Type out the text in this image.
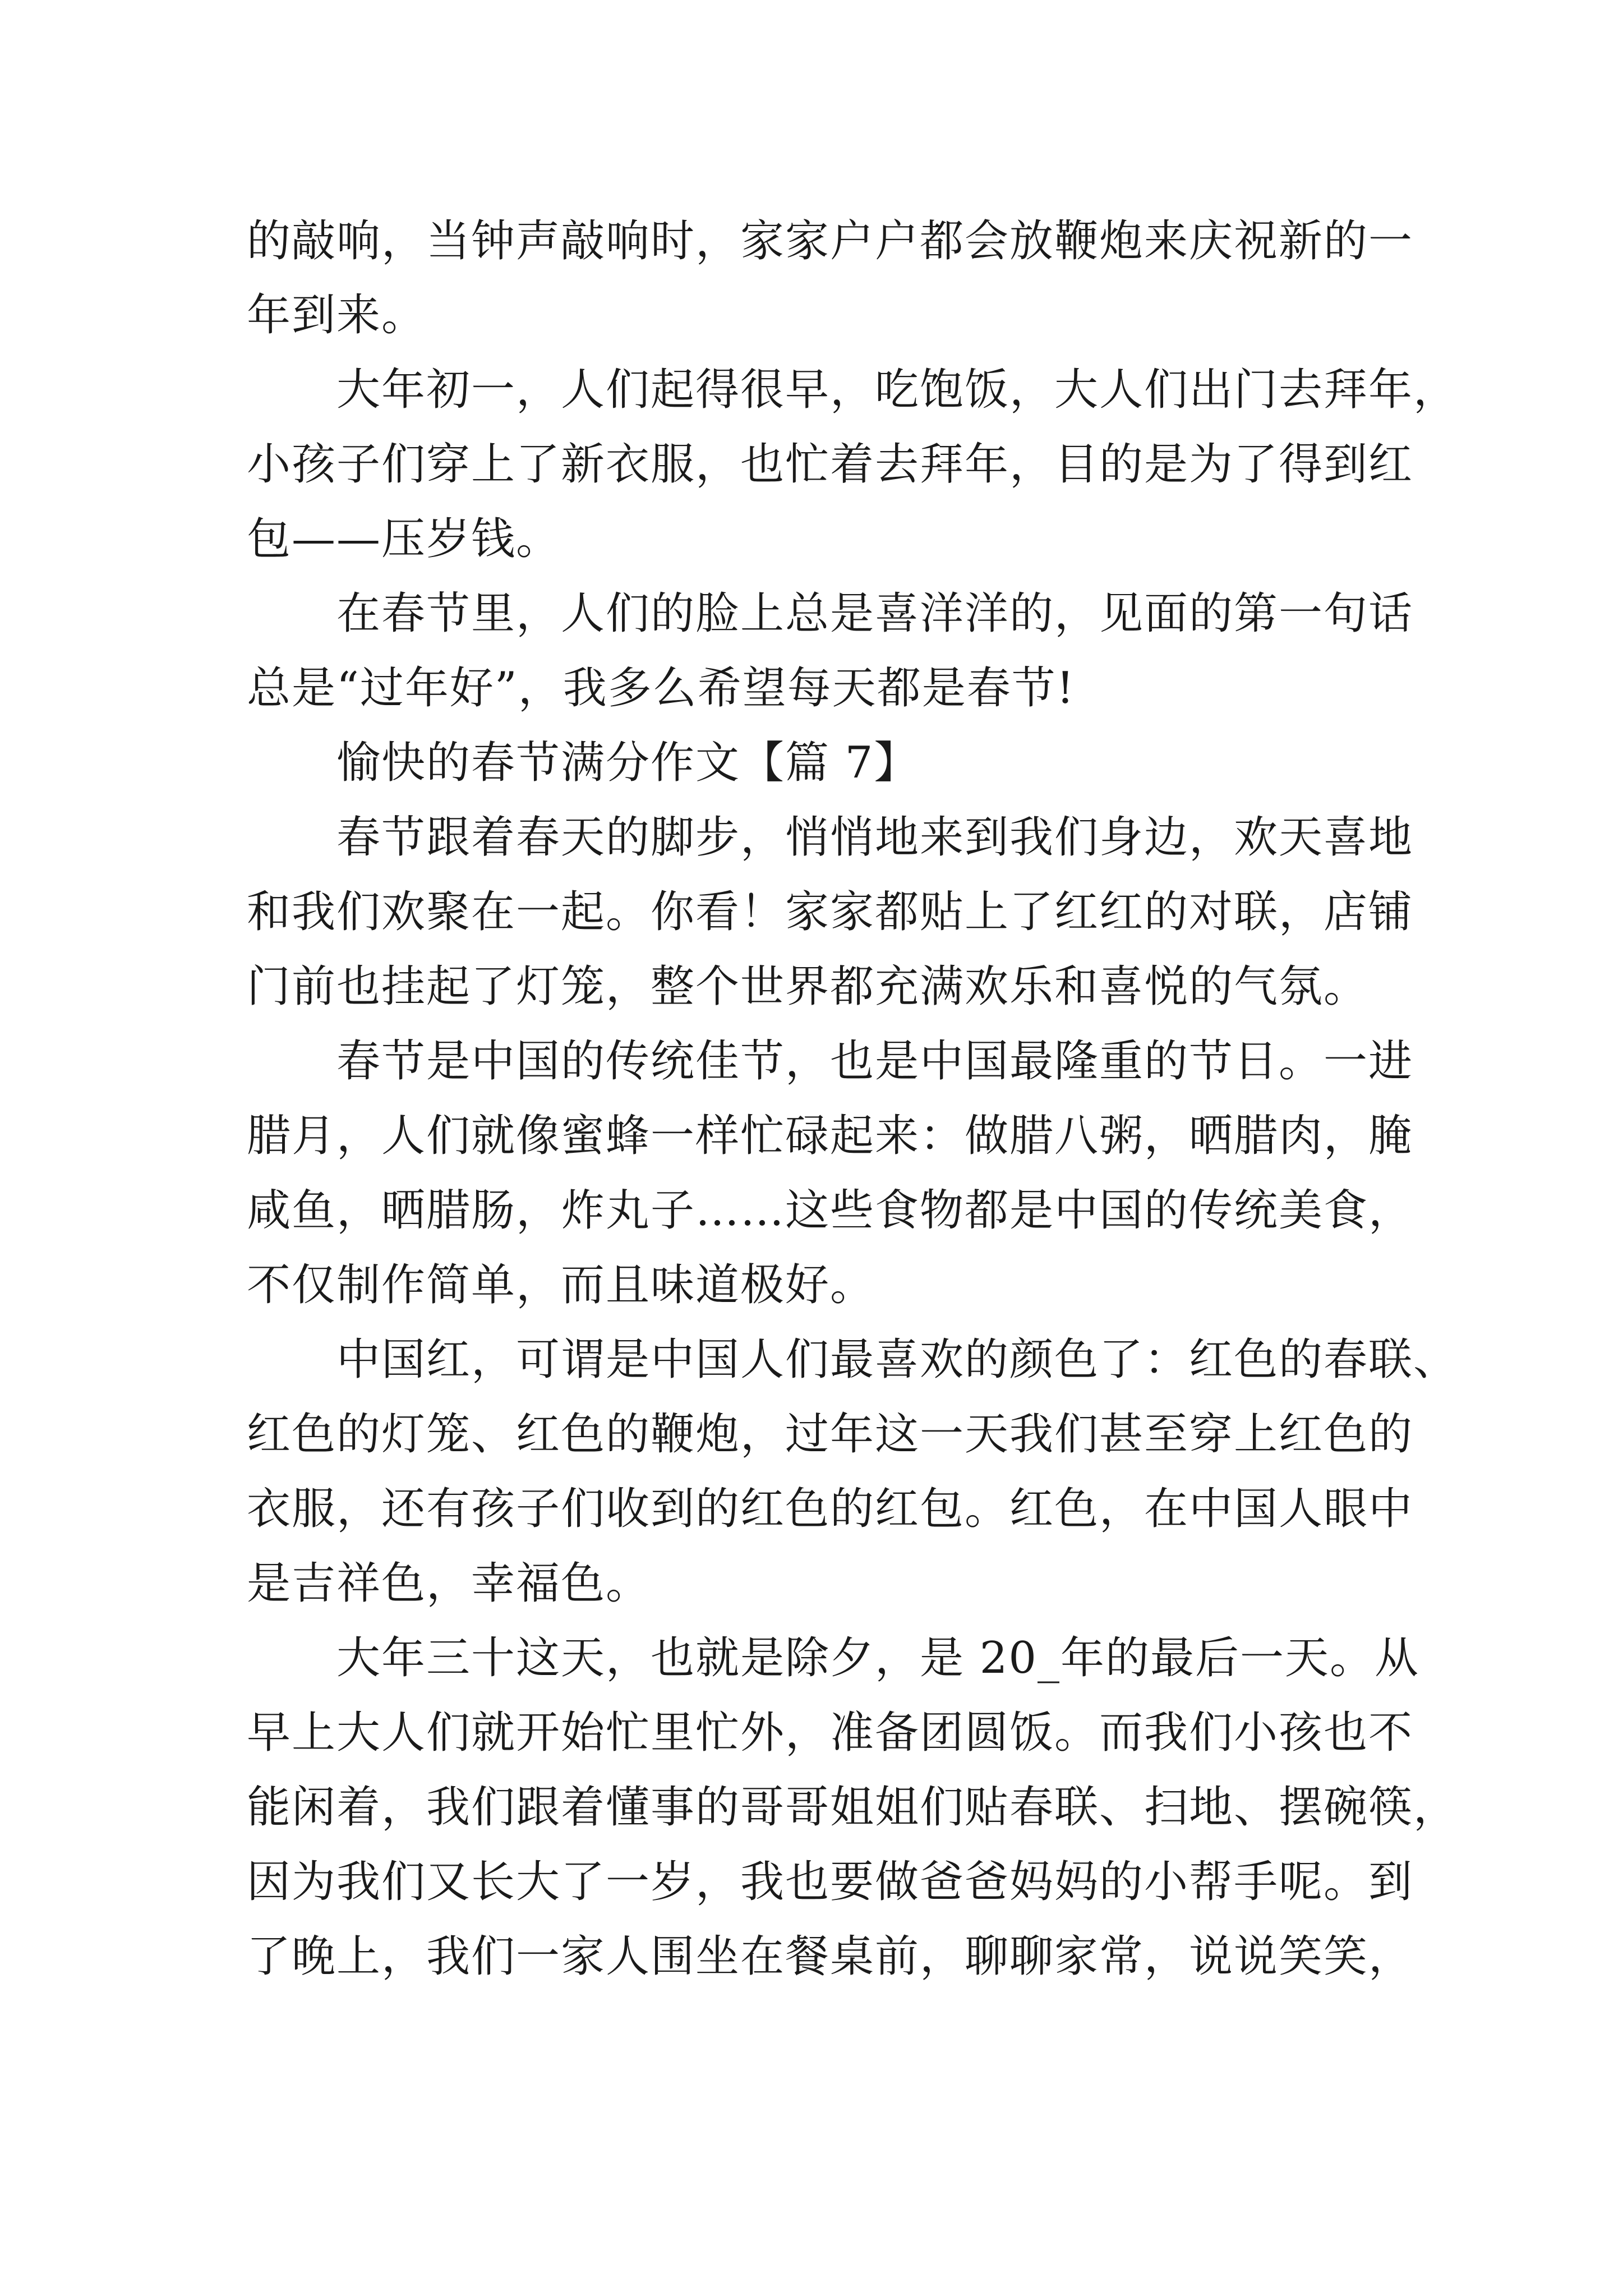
的敲响，当钟声敲响时，家家户户都会放鞭炮来庆祝新的一
年到来。
大年初一，人们起得很早，吃饱饭，大人们出门去拜年，
小孩子们穿上了新衣服，也忙着去拜年，目的是为了得到红
包——压岁钱。
在春节里，人们的脸上总是喜洋洋的，见面的第一句话
总是“过年好”，我多么希望每天都是春节!
愉快的春节满分作文【篇 7】
春节跟着春天的脚步，悄悄地来到我们身边，欢天喜地
和我们欢聚在一起。你看！家家都贴上了红红的对联，店铺
门前也挂起了灯笼，整个世界都充满欢乐和喜悦的气氛。
春节是中国的传统佳节，也是中国最隆重的节日。一进
腊月，人们就像蜜蜂一样忙碌起来：做腊八粥，晒腊肉，腌
咸鱼，晒腊肠，炸丸子……这些食物都是中国的传统美食，
不仅制作简单，而且味道极好。
中国红，可谓是中国人们最喜欢的颜色了：红色的春联、
红色的灯笼、红色的鞭炮，过年这一天我们甚至穿上红色的
衣服，还有孩子们收到的红色的红包。红色，在中国人眼中
是吉祥色，幸福色。
大年三十这天，也就是除夕，是 20_年的最后一天。从
早上大人们就开始忙里忙外，准备团圆饭。而我们小孩也不
能闲着，我们跟着懂事的哥哥姐姐们贴春联、扫地、摆碗筷，
因为我们又长大了一岁，我也要做爸爸妈妈的小帮手呢。到
了晚上，我们一家人围坐在餐桌前，聊聊家常，说说笑笑，
